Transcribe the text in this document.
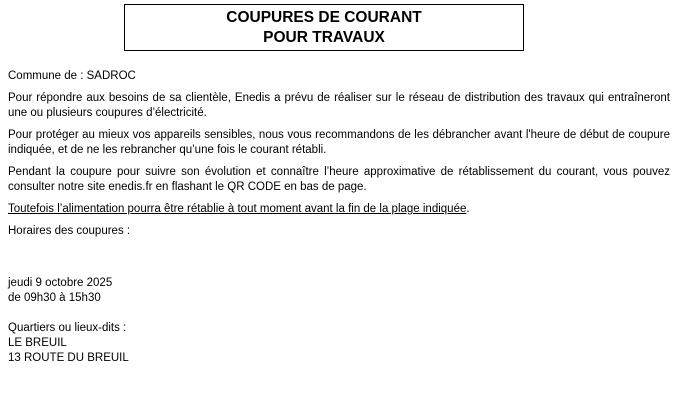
COUPURES DE COURANT
POUR TRAVAUX

Commune de : SADROC

Pour répondre aux besoins de sa clientèle, Enedis a prévu de réaliser sur le réseau de distribution des travaux qui entraîneront une ou plusieurs coupures d’électricité.

Pour protéger au mieux vos appareils sensibles, nous vous recommandons de les débrancher avant l'heure de début de coupure indiquée, et de ne les rebrancher qu’une fois le courant rétabli.

Pendant la coupure pour suivre son évolution et connaître l’heure approximative de rétablissement du courant, vous pouvez consulter notre site enedis.fr en flashant le QR CODE en bas de page.

Toutefois l’alimentation pourra être rétablie à tout moment avant la fin de la plage indiquée.

Horaires des coupures :

jeudi 9 octobre 2025
de 09h30 à 15h30
Quartiers ou lieux-dits :
LE BREUIL
13 ROUTE DU BREUIL
